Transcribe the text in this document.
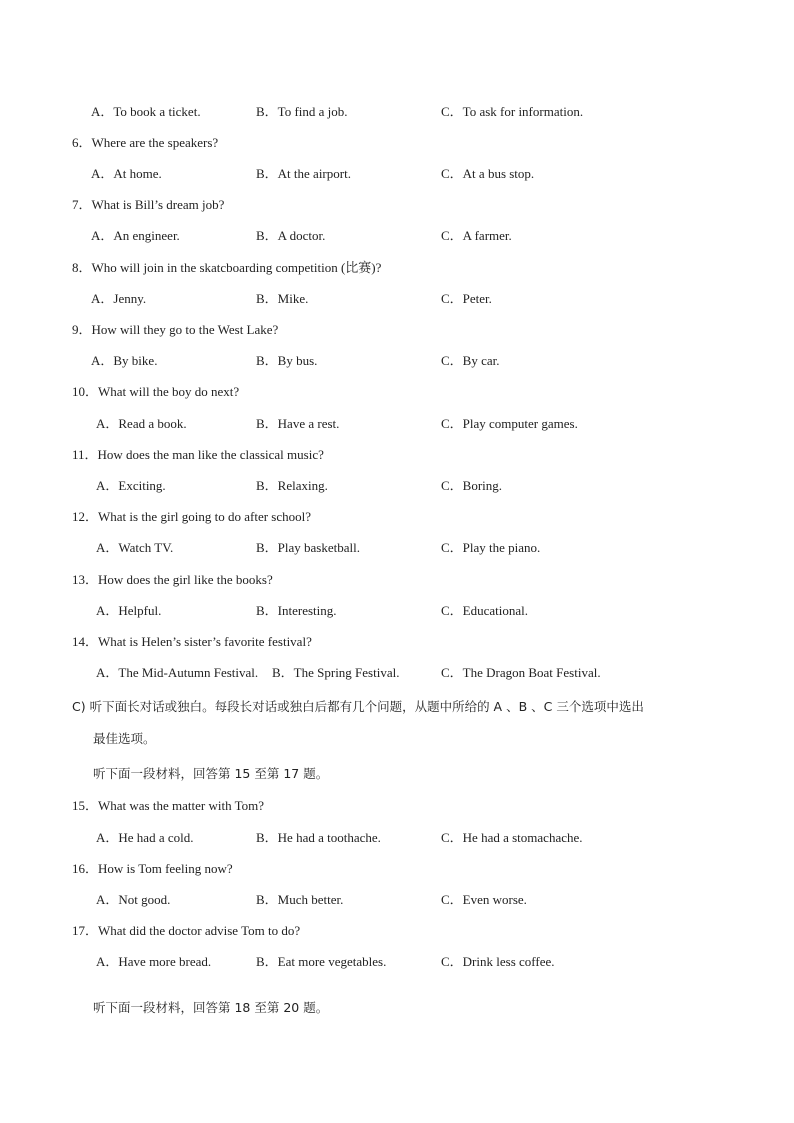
A．To book a ticket.	B．To find a job.	C．To ask for information.
6．Where are the speakers?
A．At home.	B．At the airport.	C．At a bus stop.
7．What is Bill’s dream job?
A．An engineer.	B．A doctor.	C．A farmer.
8．Who will join in the skatcboarding competition (比赛)?
A．Jenny.	B．Mike.	C．Peter.
9．How will they go to the West Lake?
A．By bike.	B．By bus.	C．By car.
10．What will the boy do next?
A．Read a book.	B．Have a rest.	C．Play computer games.
11．How does the man like the classical music?
A．Exciting.	B．Relaxing.	C．Boring.
12．What is the girl going to do after school?
A．Watch TV.	B．Play basketball.	C．Play the piano.
13．How does the girl like the books?
A．Helpful.	B．Interesting.	C．Educational.
14．What is Helen’s sister’s favorite festival?
A．The Mid-Autumn Festival. B．The Spring Festival.	C．The Dragon Boat Festival.
C) 听下面长对话或独白。每段长对话或独白后都有几个问题，从题中所给的 A 、B 、C 三个选项中选出
最佳选项。
听下面一段材料，回答第 15 至第 17 题。
15．What was the matter with Tom?
A．He had a cold.	B．He had a toothache.	C．He had a stomachache.
16．How is Tom feeling now?
A．Not good.	B．Much better.	C．Even worse.
17．What did the doctor advise Tom to do?
A．Have more bread.	B．Eat more vegetables.	C．Drink less coffee.
听下面一段材料，回答第 18 至第 20 题。
